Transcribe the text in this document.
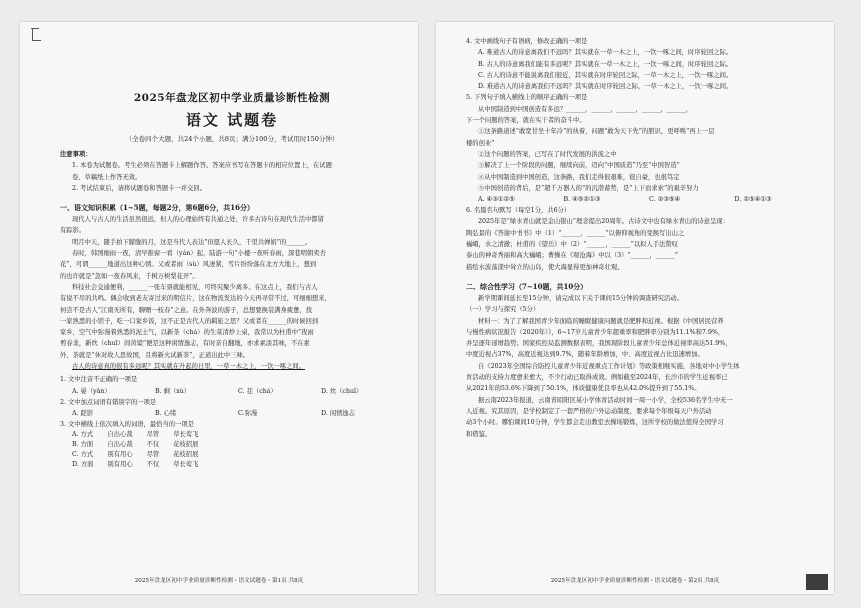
2025年盘龙区初中学业质量诊断性检测
语文 试题卷
（全卷四个大题，共24个小题，共8页；满分100分，考试用时150分钟）
注意事项：
1. 本卷为试题卷。考生必须在答题卡上解题作答。答案应书写在答题卡的相应位置上，在试题
卷、草稿纸上作答无效。
2. 考试结束后，请将试题卷和答题卡一并交回。
一、语文知识积累（1~5题，每题2分，第6题6分，共16分）
现代人与古人的生活虽然很远，但人的心理始终有共通之处，许多古诗句在现代生活中都留
有踪影。
明月中天，随手拍下朦胧的月，这是当代人表达“但愿人长久，千里共婵娟”的______。
春时，韩国细雨一夜，清早推窗一看（yán）起，陆游一句“小楼一夜听春雨，深巷明朝卖杏
花”，可谓______地道出这种心情。又或者雨（sù）风凄紧，雪片纷纷落在北方大地上，想到
的也许就是“忽如一夜春风来，千树万树梨花开”。
科技社会交通便利，______一张车票就能相见，可终究聚少离多。在这点上，我们与古人
有说不尽的共鸣。偶会收到老友寄过来的明信片，这在物流发达的今天再寻常不过，可细细想来，
何尝不是古人“江南无所有，聊赠一枝春”之意。在外奔波的游子，总想要换装满身疲惫，找
一家熟悉的小馆子，吃一口家乡饭，这不正是古代人的羁旅之思？又或者在______的时候回到
家乡，空气中弥漫着熟悉的泥土气，以新茶（chá）的生菜清炒上桌，我常以为杜甫中“夜雨
剪春韭，新炊（chuī）间黄粱”便是这种闲情逸志，有时亲自翻地，亦求素淡其味，不在素
外，茶就是“休对故人思故国，且将新火试新茶”，正道出此中三味。
古人的诗意真的很有多远呢？其实就在升起的日里，一草一木之上，一饮一啄之间。
1. 文中注音不正确的一项是
A. 晏（yàn）	B. 剩（xù）	C. 茬（chá）	D. 炊（chuī）
2. 文中加点词语有错别字的一项是
A. 蹉影	B. 心绪	C.弥漫	D. 闲情逸志
3. 文中横线上依次填入的词语，最恰当的一项是
A. 方式	自出心裁	尽管	草长莺飞
B. 方面	自出心裁	不仅	花枝招展
C. 方式	别有用心	尽管	花枝招展
D. 方面	别有用心	不仅	草长莺飞
2025年盘龙区初中学业质量诊断性检测・语文试题卷・第1页 共8页
4. 文中画线句子有语病，修改正确的一项是
A. 难道古人的诗意离我们不远吗？其实就在一草一木之上，一饮一啄之间，时序轮回之际。
B. 古人的诗意离我们能有多远呢？其实就在一草一木之上，一饮一啄之间，时序轮回之际。
C. 古人的诗意不能说离我们很近，其实就在时序轮回之际，一草一木之上，一饮一啄之间。
D. 难道古人的诗意离我们不远吗？其实就在时序轮回之际，一草一木之上，一饮一啄之间。
5. 下列句子填入横线上的顺序正确的一项是
从中国制造到中国创造有多远？______，______，______，______，______，
下一个问题的答案，就在实干者的奋斗中。
①这条路道述“敢宽甘坐十年冷”的执着，问题“敢为天下先”的胆识，更呼唤“再上一层
楼的创业”
②这个问题的答案，已写在了时代发展的洪流之中
③解决了上一个阶段的问题，继续向前，迈向“中国质造”乃至“中国智造”
④从中国制造到中国创造，这条路，我们走得很艰难，很自豪，也很笃定
⑤中国创造的背后，是“超千万器人的”的沉潜蓄势，是“上下而求索”的艰辛努力
A. ④③①②⑤	B. ④⑤②①③	C. ②③⑤④	D. ②⑤④①③
6. 名篇名句默写（每空1分，共6分）
2025年是“绿水青山就是金山银山”理念提出20周年。古诗文中也有绿水青山的诗意呈现：
陶弘景的《答谢中书书》中（1）“______，______”以俯仰视角的变换写出山之
巍峨，水之清澈；杜甫的《望岳》中（2）“______，______”以拟人手法赞叹
泰山的神奇秀丽和高大巍峨；曹操在《观沧海》中以（3）“______，______”
描绘水波荡漾中耸立的山岛，使大海显得更加神奇壮观。
二、综合性学习（7~10题，共10分）
新学期课间延长至15分钟，请完成以下关于课间15分钟的调查研究活动。
（一）学习与探究（5分）
材料一：为了了解我国青少年面临的睡眠健康问题就是肥胖和近视。根据《中国居民营养
与慢性病状况报告（2020年）》，6~17岁儿童青少年超重率和肥胖率分别为11.1%和7.9%，
并呈逐年递增趋势；国家疾控局监测数据表明，我国现阶段儿童青少年总体近视率高达51.9%，
中度近视占37%，高度近视达到9.7%，随着年龄增加，中、高度近视占比迅速增加。
自《2023年全国综合防控儿童青少年近视重点工作计划》等政策相继实施，各地对中小学生体
育活动的支持力度愈来愈大，不少行动已取得成效。例如截至2024年，长沙市的学生近视率已
从2021年的53.6%下降到了50.1%，体质健康优良率也从42.0%提升到了55.1%。
据云南2023年报道，云南省昭阳区某小学体育活动时间一周一小学，全校536名学生中无一
人近视。究其原因，是学校制定了一套严格的户外运动制度，要求每个年级每天户外活动
动3个小时。哪怕课间10分钟，学生都会走出教室去操场锻炼，这所学校的做法值得全国学习
和借鉴。
2025年盘龙区初中学业质量诊断性检测・语文试题卷・第2页 共8页
